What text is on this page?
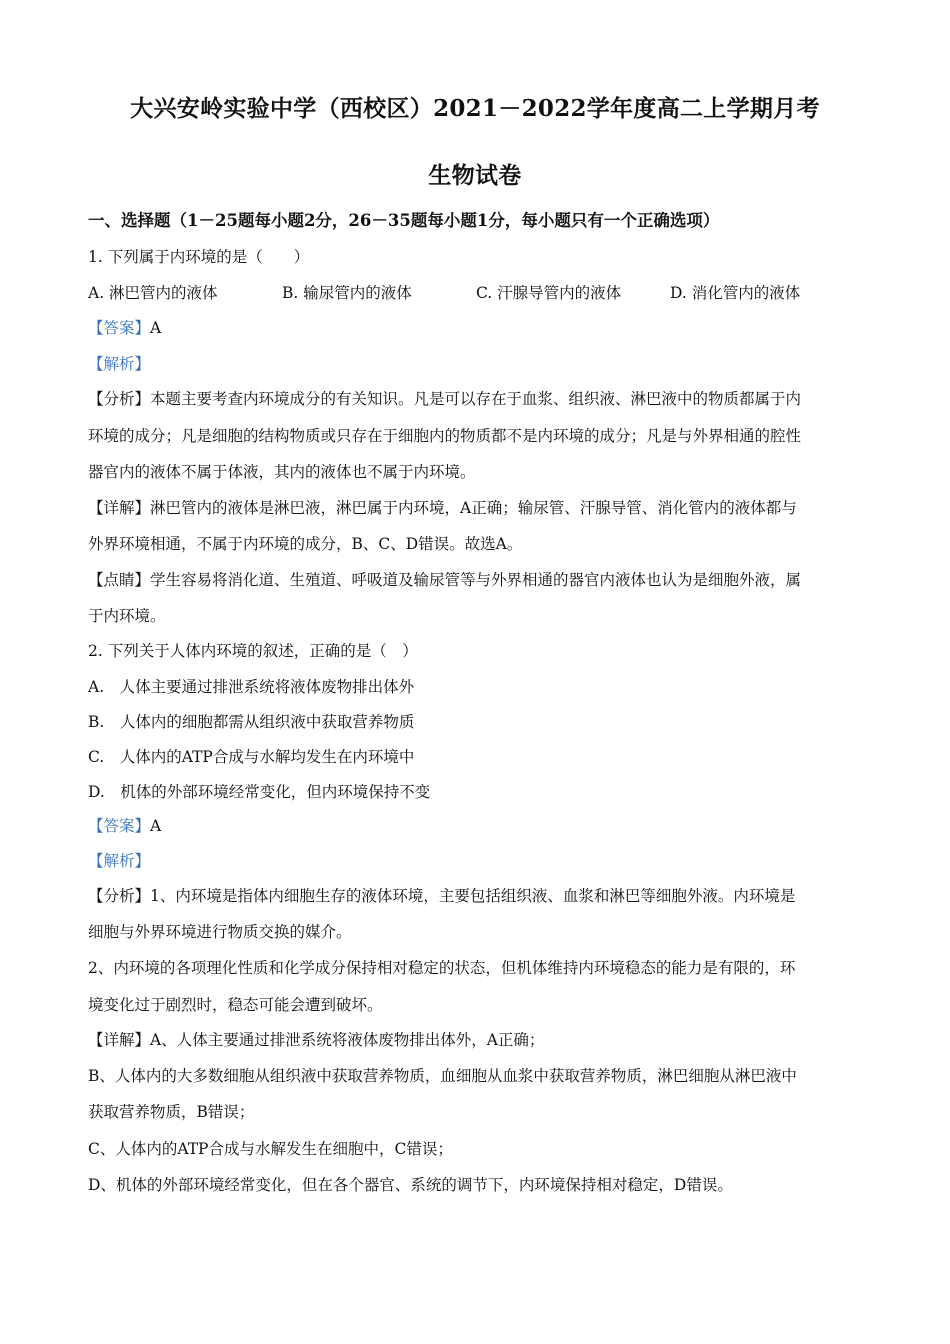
大兴安岭实验中学（西校区）2021－2022学年度高二上学期月考
生物试卷
一、选择题（1－25题每小题2分，26－35题每小题1分，每小题只有一个正确选项）
1. 下列属于内环境的是（　　）
A. 淋巴管内的液体	B. 输尿管内的液体	C. 汗腺导管内的液体	D. 消化管内的液体
【答案】A
【解析】
【分析】本题主要考查内环境成分的有关知识。凡是可以存在于血浆、组织液、淋巴液中的物质都属于内
环境的成分；凡是细胞的结构物质或只存在于细胞内的物质都不是内环境的成分；凡是与外界相通的腔性
器官内的液体不属于体液，其内的液体也不属于内环境。
【详解】淋巴管内的液体是淋巴液，淋巴属于内环境，A正确；输尿管、汗腺导管、消化管内的液体都与
外界环境相通，不属于内环境的成分，B、C、D错误。故选A。
【点睛】学生容易将消化道、生殖道、呼吸道及输尿管等与外界相通的器官内液体也认为是细胞外液，属
于内环境。
2. 下列关于人体内环境的叙述，正确的是（　）
A.　人体主要通过排泄系统将液体废物排出体外
B.　人体内的细胞都需从组织液中获取营养物质
C.　人体内的ATP合成与水解均发生在内环境中
D.　机体的外部环境经常变化，但内环境保持不变
【答案】A
【解析】
【分析】1、内环境是指体内细胞生存的液体环境，主要包括组织液、血浆和淋巴等细胞外液。内环境是
细胞与外界环境进行物质交换的媒介。
2、内环境的各项理化性质和化学成分保持相对稳定的状态，但机体维持内环境稳态的能力是有限的，环
境变化过于剧烈时，稳态可能会遭到破坏。
【详解】A、人体主要通过排泄系统将液体废物排出体外，A正确；
B、人体内的大多数细胞从组织液中获取营养物质，血细胞从血浆中获取营养物质，淋巴细胞从淋巴液中
获取营养物质，B错误；
C、人体内的ATP合成与水解发生在细胞中，C错误；
D、机体的外部环境经常变化，但在各个器官、系统的调节下，内环境保持相对稳定，D错误。
